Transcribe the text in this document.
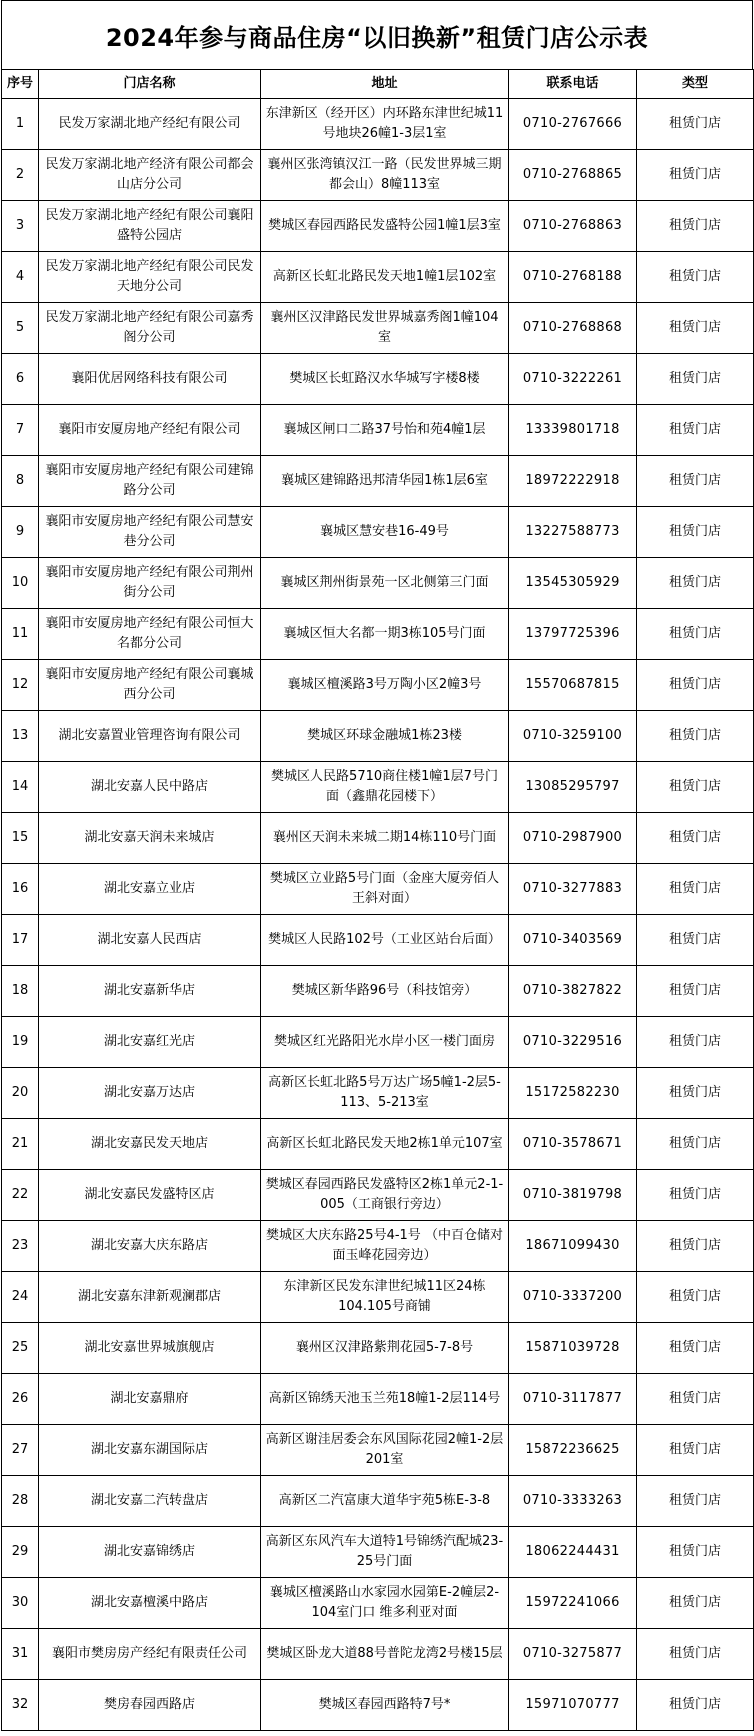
2024年参与商品住房“以旧换新”租赁门店公示表
序号	门店名称	地址	联系电话	类型
1	民发万家湖北地产经纪有限公司	东津新区（经开区）内环路东津世纪城11号地块26幢1-3层1室	0710-2767666	租赁门店
2	民发万家湖北地产经济有限公司都会山店分公司	襄州区张湾镇汉江一路（民发世界城三期都会山）8幢113室	0710-2768865	租赁门店
3	民发万家湖北地产经纪有限公司襄阳盛特公园店	樊城区春园西路民发盛特公园1幢1层3室	0710-2768863	租赁门店
4	民发万家湖北地产经纪有限公司民发天地分公司	高新区长虹北路民发天地1幢1层102室	0710-2768188	租赁门店
5	民发万家湖北地产经纪有限公司嘉秀阁分公司	襄州区汉津路民发世界城嘉秀阁1幢104室	0710-2768868	租赁门店
6	襄阳优居网络科技有限公司	樊城区长虹路汉水华城写字楼8楼	0710-3222261	租赁门店
7	襄阳市安厦房地产经纪有限公司	襄城区闸口二路37号怡和苑4幢1层	13339801718	租赁门店
8	襄阳市安厦房地产经纪有限公司建锦路分公司	襄城区建锦路迅邦清华园1栋1层6室	18972222918	租赁门店
9	襄阳市安厦房地产经纪有限公司慧安巷分公司	襄城区慧安巷16-49号	13227588773	租赁门店
10	襄阳市安厦房地产经纪有限公司荆州街分公司	襄城区荆州街景苑一区北侧第三门面	13545305929	租赁门店
11	襄阳市安厦房地产经纪有限公司恒大名都分公司	襄城区恒大名都一期3栋105号门面	13797725396	租赁门店
12	襄阳市安厦房地产经纪有限公司襄城西分公司	襄城区檀溪路3号万陶小区2幢3号	15570687815	租赁门店
13	湖北安嘉置业管理咨询有限公司	樊城区环球金融城1栋23楼	0710-3259100	租赁门店
14	湖北安嘉人民中路店	樊城区人民路5710商住楼1幢1层7号门面（鑫鼎花园楼下）	13085295797	租赁门店
15	湖北安嘉天润未来城店	襄州区天润未来城二期14栋110号门面	0710-2987900	租赁门店
16	湖北安嘉立业店	樊城区立业路5号门面（金座大厦旁佰人王斜对面）	0710-3277883	租赁门店
17	湖北安嘉人民西店	樊城区人民路102号（工业区站台后面）	0710-3403569	租赁门店
18	湖北安嘉新华店	樊城区新华路96号（科技馆旁）	0710-3827822	租赁门店
19	湖北安嘉红光店	樊城区红光路阳光水岸小区一楼门面房	0710-3229516	租赁门店
20	湖北安嘉万达店	高新区长虹北路5号万达广场5幢1-2层5-113、5-213室	15172582230	租赁门店
21	湖北安嘉民发天地店	高新区长虹北路民发天地2栋1单元107室	0710-3578671	租赁门店
22	湖北安嘉民发盛特区店	樊城区春园西路民发盛特区2栋1单元2-1-005（工商银行旁边）	0710-3819798	租赁门店
23	湖北安嘉大庆东路店	樊城区大庆东路25号4-1号 （中百仓储对面玉峰花园旁边）	18671099430	租赁门店
24	湖北安嘉东津新观澜郡店	东津新区民发东津世纪城11区24栋104.105号商铺	0710-3337200	租赁门店
25	湖北安嘉世界城旗舰店	襄州区汉津路紫荆花园5-7-8号	15871039728	租赁门店
26	湖北安嘉鼎府	高新区锦绣天池玉兰苑18幢1-2层114号	0710-3117877	租赁门店
27	湖北安嘉东湖国际店	高新区谢洼居委会东风国际花园2幢1-2层201室	15872236625	租赁门店
28	湖北安嘉二汽转盘店	高新区二汽富康大道华宇苑5栋E-3-8	0710-3333263	租赁门店
29	湖北安嘉锦绣店	高新区东风汽车大道特1号锦绣汽配城23-25号门面	18062244431	租赁门店
30	湖北安嘉檀溪中路店	襄城区檀溪路山水家园水园第E-2幢层2-104室门口 维多利亚对面	15972241066	租赁门店
31	襄阳市樊房房产经纪有限责任公司	樊城区卧龙大道88号普陀龙湾2号楼15层	0710-3275877	租赁门店
32	樊房春园西路店	樊城区春园西路特7号*	15971070777	租赁门店
